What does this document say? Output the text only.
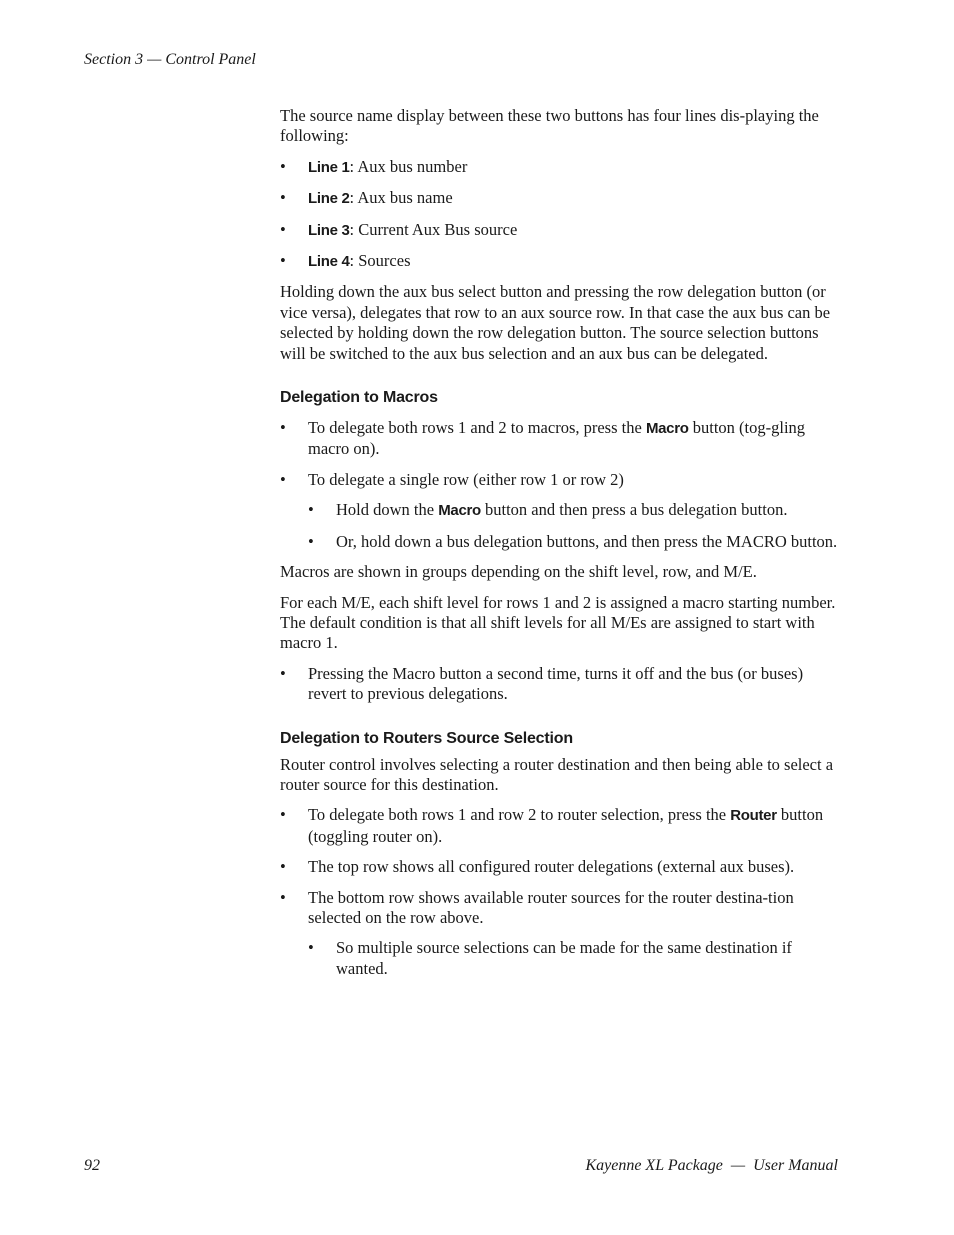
Section 3 — Control Panel

The source name display between these two buttons has four lines dis-playing the following:

• Line 1: Aux bus number
• Line 2: Aux bus name
• Line 3: Current Aux Bus source
• Line 4: Sources

Holding down the aux bus select button and pressing the row delegation button (or vice versa), delegates that row to an aux source row. In that case the aux bus can be selected by holding down the row delegation button. The source selection buttons will be switched to the aux bus selection and an aux bus can be delegated.

Delegation to Macros
• To delegate both rows 1 and 2 to macros, press the Macro button (tog-gling macro on).
• To delegate a single row (either row 1 or row 2)
• Hold down the Macro button and then press a bus delegation button.
• Or, hold down a bus delegation buttons, and then press the MACRO button.

Macros are shown in groups depending on the shift level, row, and M/E.

For each M/E, each shift level for rows 1 and 2 is assigned a macro starting number. The default condition is that all shift levels for all M/Es are assigned to start with macro 1.

• Pressing the Macro button a second time, turns it off and the bus (or buses) revert to previous delegations.
Delegation to Routers Source Selection

Router control involves selecting a router destination and then being able to select a router source for this destination.

• To delegate both rows 1 and row 2 to router selection, press the Router button (toggling router on).
• The top row shows all configured router delegations (external aux buses).
• The bottom row shows available router sources for the router destina-tion selected on the row above.
• So multiple source selections can be made for the same destination if wanted.
92	Kayenne XL Package  —  User Manual
